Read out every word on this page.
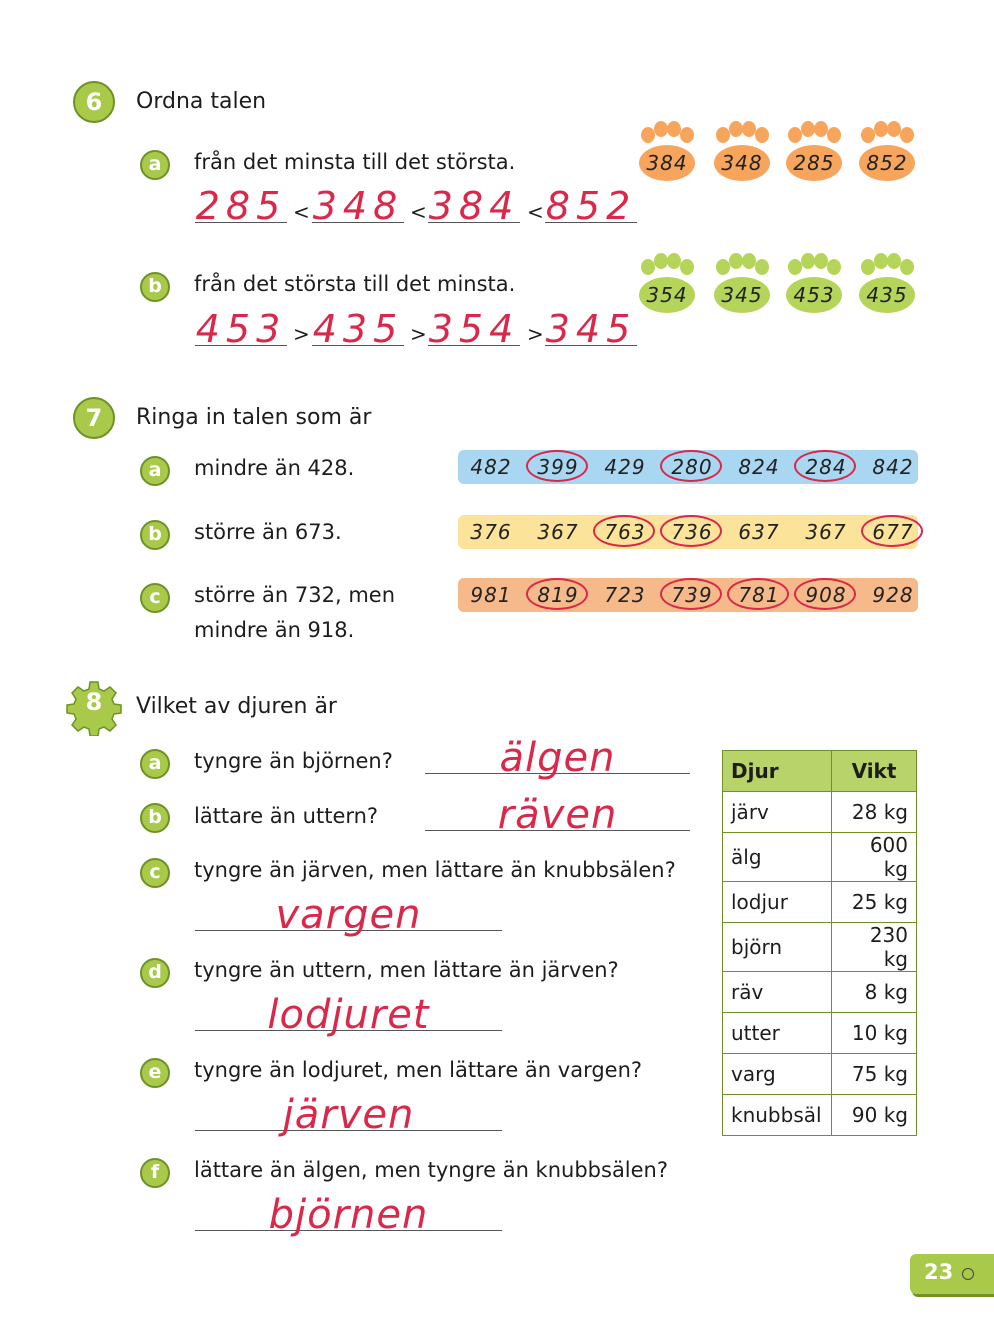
6	Ordna talen
a	från det minsta till det största.	384	348	285	852
285 348 384 852
<	<	<
b	från det största till det minsta.	354	345	453	435
453 435 354 345
>	>	>
7	Ringa in talen som är
a	mindre än 428.	482	399	429	280	824	284	842
b	större än 673.	376	367	763	736	637	367	677
c	större än 732, men
mindre än 918.
981	819	723	739	781	908	928
8	Vilket av djuren är
a	tyngre än björnen?	älgen
b	lättare än uttern?	räven
c	tyngre än järven, men lättare än knubbsälen?
vargen
d	tyngre än uttern, men lättare än järven?
lodjuret
e	tyngre än lodjuret, men lättare än vargen?
järven
f	lättare än älgen, men tyngre än knubbsälen?
björnen
Djur	Vikt
järv	28 kg
älg	600 kg
lodjur	25 kg
björn	230 kg
räv	8 kg
utter	10 kg
varg	75 kg
knubbsäl	90 kg
23
